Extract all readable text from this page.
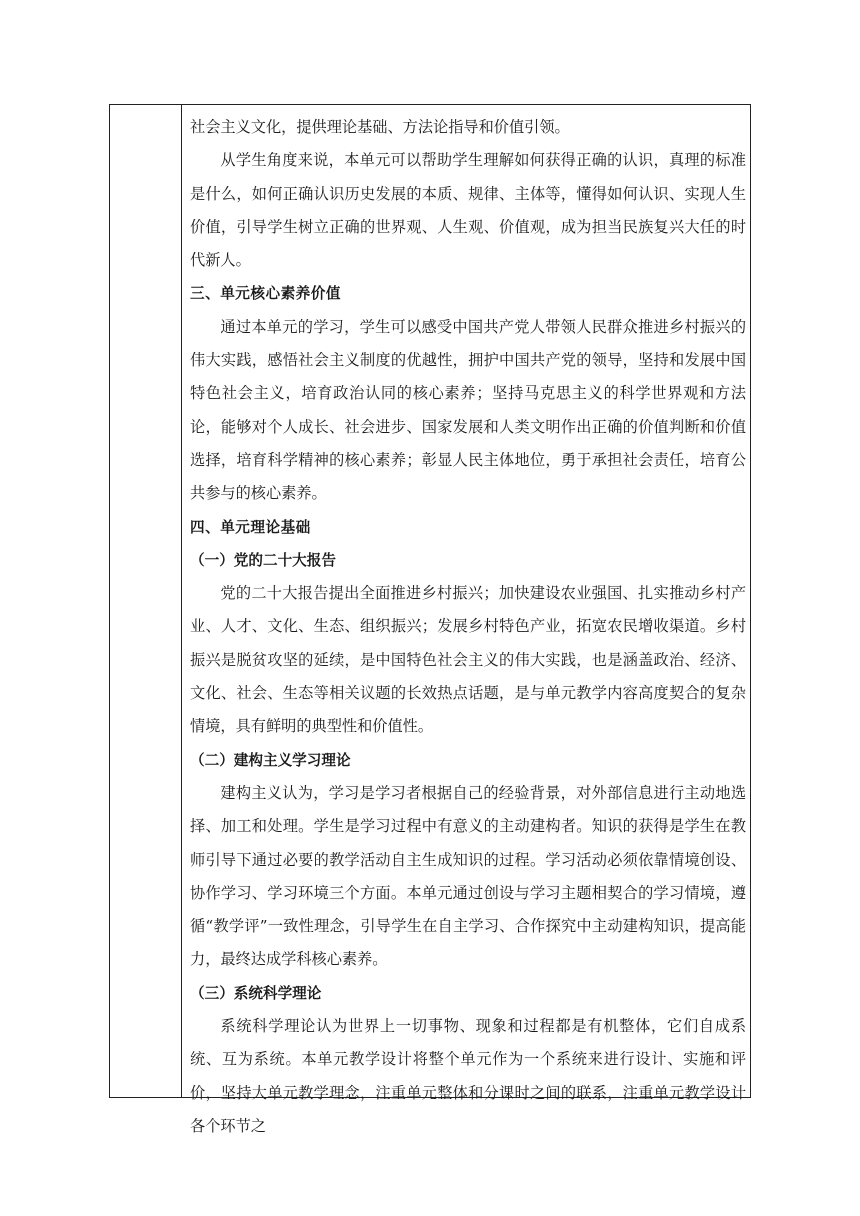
社会主义文化，提供理论基础、方法论指导和价值引领。

从学生角度来说，本单元可以帮助学生理解如何获得正确的认识，真理的标准是什么，如何正确认识历史发展的本质、规律、主体等，懂得如何认识、实现人生价值，引导学生树立正确的世界观、人生观、价值观，成为担当民族复兴大任的时代新人。

三、单元核心素养价值

通过本单元的学习，学生可以感受中国共产党人带领人民群众推进乡村振兴的伟大实践，感悟社会主义制度的优越性，拥护中国共产党的领导，坚持和发展中国特色社会主义，培育政治认同的核心素养；坚持马克思主义的科学世界观和方法论，能够对个人成长、社会进步、国家发展和人类文明作出正确的价值判断和价值选择，培育科学精神的核心素养；彰显人民主体地位，勇于承担社会责任，培育公共参与的核心素养。

四、单元理论基础

（一）党的二十大报告

党的二十大报告提出全面推进乡村振兴；加快建设农业强国、扎实推动乡村产业、人才、文化、生态、组织振兴；发展乡村特色产业，拓宽农民增收渠道。乡村振兴是脱贫攻坚的延续，是中国特色社会主义的伟大实践，也是涵盖政治、经济、文化、社会、生态等相关议题的长效热点话题，是与单元教学内容高度契合的复杂情境，具有鲜明的典型性和价值性。

（二）建构主义学习理论

建构主义认为，学习是学习者根据自己的经验背景，对外部信息进行主动地选择、加工和处理。学生是学习过程中有意义的主动建构者。知识的获得是学生在教师引导下通过必要的教学活动自主生成知识的过程。学习活动必须依靠情境创设、协作学习、学习环境三个方面。本单元通过创设与学习主题相契合的学习情境，遵循“教学评”一致性理念，引导学生在自主学习、合作探究中主动建构知识，提高能力，最终达成学科核心素养。

（三）系统科学理论

系统科学理论认为世界上一切事物、现象和过程都是有机整体，它们自成系统、互为系统。本单元教学设计将整个单元作为一个系统来进行设计、实施和评价，坚持大单元教学理念，注重单元整体和分课时之间的联系，注重单元教学设计各个环节之
